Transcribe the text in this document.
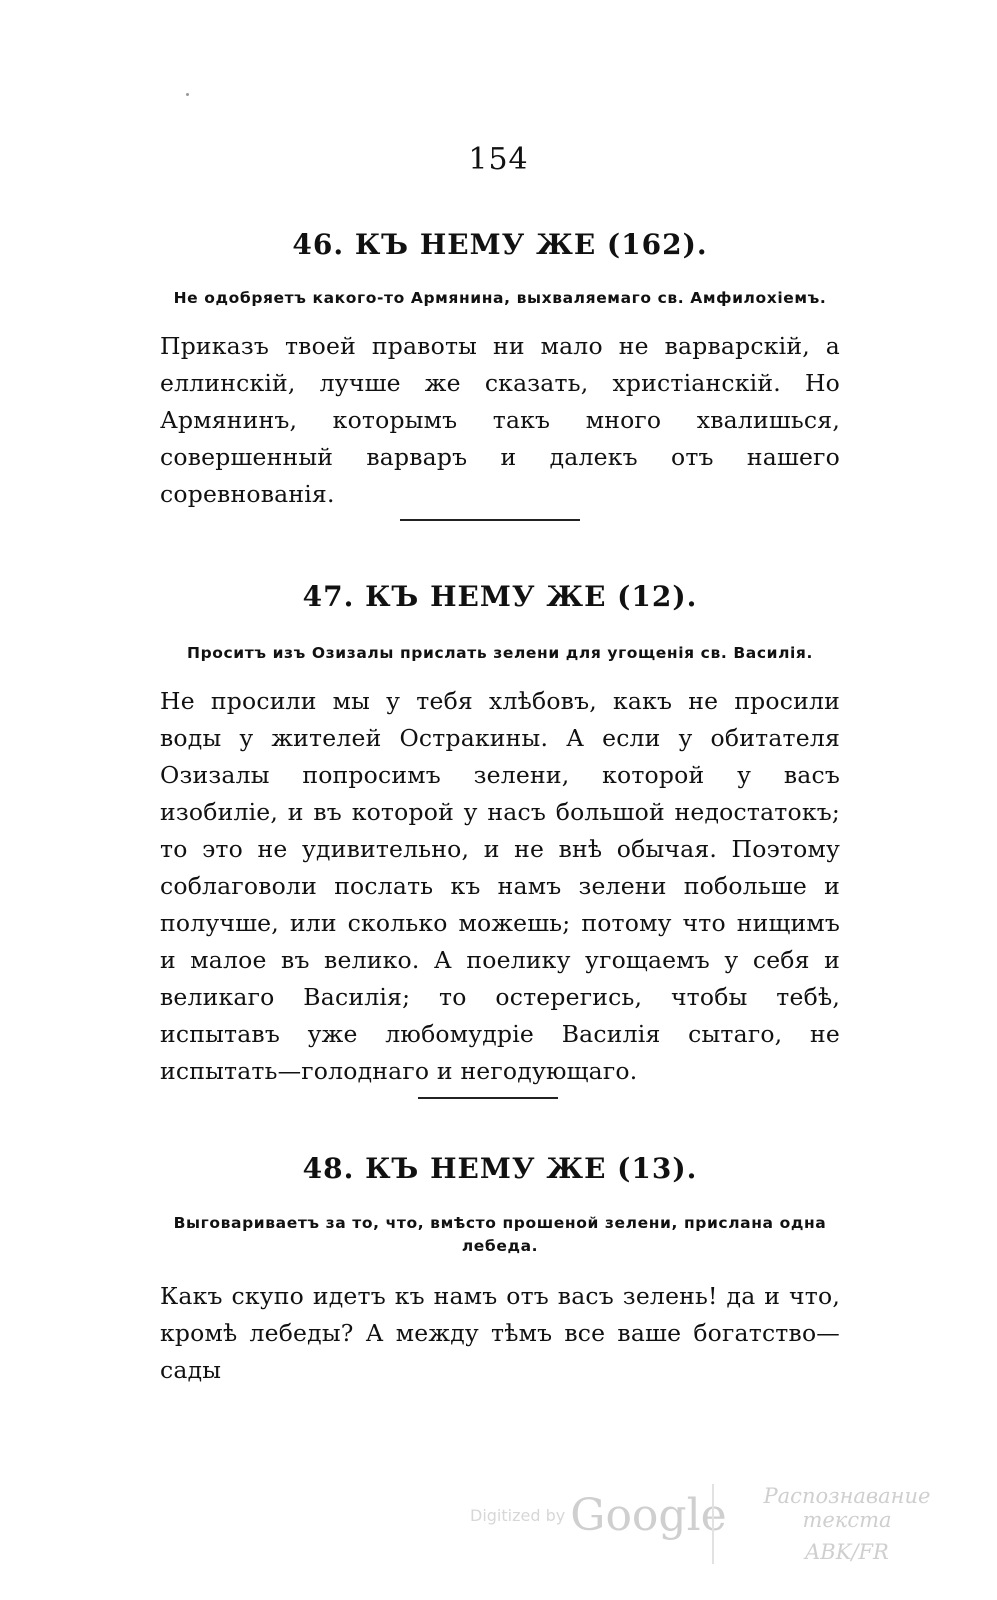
154
46. КЪ НЕМУ ЖЕ (162).

Не одобряетъ какого-то Армянина, выхваляемаго св. Амфилохіемъ.

Приказъ твоей правоты ни мало не варварскій, а еллинскій, лучше же сказать, христіанскій. Но Армянинъ, которымъ такъ много хвалишься, совершенный варваръ и далекъ отъ нашего соревнованія.

47. КЪ НЕМУ ЖЕ (12).

Проситъ изъ Озизалы прислать зелени для угощенія св. Василія.

Не просили мы у тебя хлѣбовъ, какъ не просили воды у жителей Остракины. А если у обитателя Озизалы попросимъ зелени, которой у васъ изобиліе, и въ которой у насъ большой недостатокъ; то это не удивительно, и не внѣ обычая. Поэтому соблаговоли послать къ намъ зелени побольше и получше, или сколько можешь; потому что нищимъ и малое въ велико. А поелику угощаемъ у себя и великаго Василія; то остерегись, чтобы тебѣ, испытавъ уже любомудріе Василія сытаго, не испытать—голоднаго и негодующаго.

48. КЪ НЕМУ ЖЕ (13).

Выговариваетъ за то, что, вмѣсто прошеной зелени, прислана одна лебеда.

Какъ скупо идетъ къ намъ отъ васъ зелень! да и что, кромѣ лебеды? А между тѣмъ все ваше богатство—сады

Digitized by Google	Распознавание текста
ABK/FR
